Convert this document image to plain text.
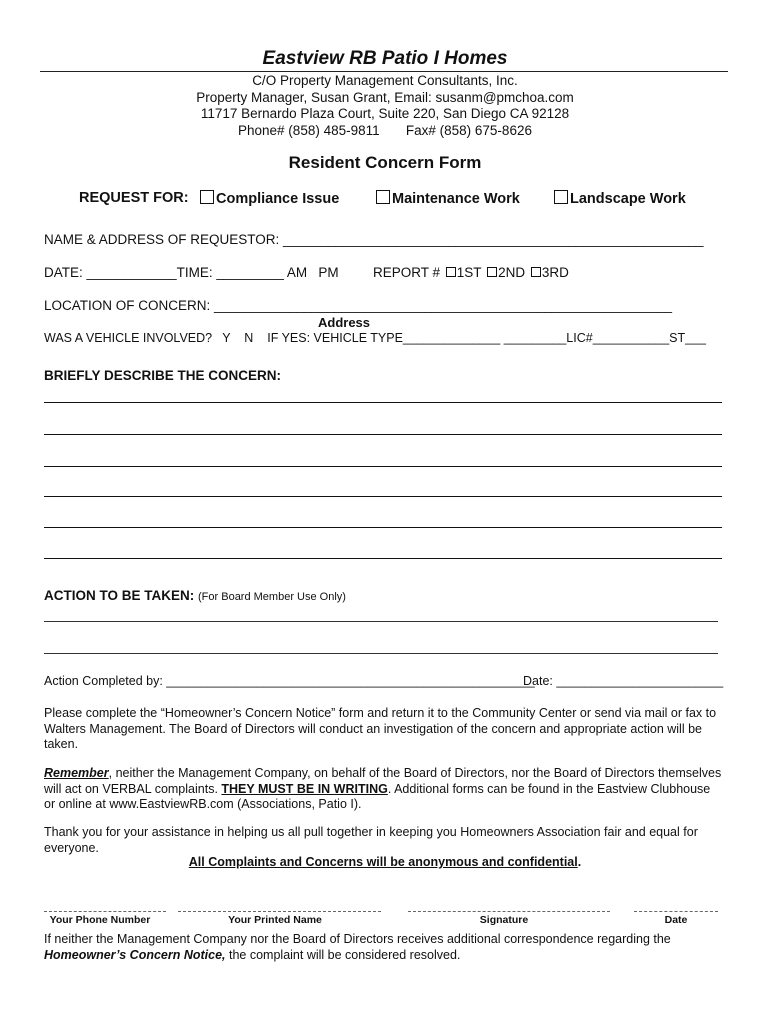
Eastview RB Patio I Homes
C/O Property Management Consultants, Inc.
Property Manager, Susan Grant, Email: susanm@pmchoa.com
11717 Bernardo Plaza Court, Suite 220, San Diego CA 92128
Phone# (858) 485-9811       Fax# (858) 675-8626
Resident Concern Form
REQUEST FOR:	Compliance Issue	Maintenance Work	Landscape Work
NAME & ADDRESS OF REQUESTOR: ________________________________________________________
DATE: ____________TIME: _________ AM   PM	REPORT # 1ST 2ND 3RD
LOCATION OF CONCERN: _____________________________________________________________
Address
WAS A VEHICLE INVOLVED?   Y    N    IF YES: VEHICLE TYPE______________ _________LIC#___________ST___
BRIEFLY DESCRIBE THE CONCERN:
ACTION TO BE TAKEN: (For Board Member Use Only)
Action Completed by: _____________________________________________________
Date: ________________________
Please complete the “Homeowner’s Concern Notice” form and return it to the Community Center or send via mail or fax to Walters Management. The Board of Directors will conduct an investigation of the concern and appropriate action will be taken.
Remember, neither the Management Company, on behalf of the Board of Directors, nor the Board of Directors themselves will act on VERBAL complaints. THEY MUST BE IN WRITING. Additional forms can be found in the Eastview Clubhouse or online at www.EastviewRB.com (Associations, Patio I).
Thank you for your assistance in helping us all pull together in keeping you Homeowners Association fair and equal for everyone.
All Complaints and Concerns will be anonymous and confidential.
Your Phone Number	Your Printed Name	Signature	Date
If neither the Management Company nor the Board of Directors receives additional correspondence regarding the Homeowner’s Concern Notice, the complaint will be considered resolved.
